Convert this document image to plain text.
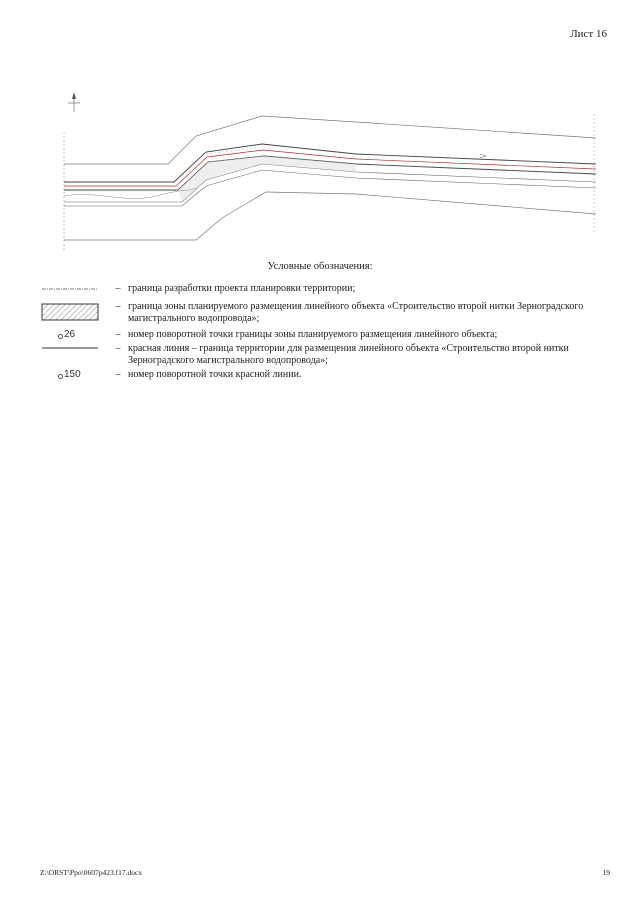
Лист 16
Условные обозначения:
– граница разработки проекта планировки территории;
– граница зоны планируемого размещения линейного объекта «Строительство второй нитки Зерноградского магистрального водопровода»;
26	– номер поворотной точки границы зоны планируемого размещения линейного объекта;
– красная линия – граница территории для размещения линейного объекта «Строительство второй нитки Зерноградского магистрального водопровода»;
150	– номер поворотной точки красной линии.
Z:\ORST\Ppo\0607p423.f17.docx	19
